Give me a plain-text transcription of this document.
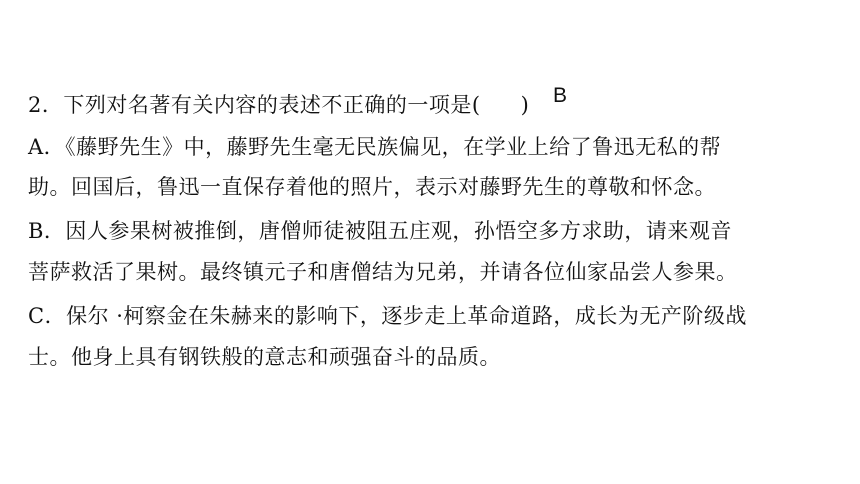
2．下列对名著有关内容的表述不正确的一项是( ) B
A．《藤野先生》中，藤野先生毫无民族偏见，在学业上给了鲁迅无私的帮
助。回国后，鲁迅一直保存着他的照片，表示对藤野先生的尊敬和怀念。
B．因人参果树被推倒，唐僧师徒被阻五庄观，孙悟空多方求助，请来观音
菩萨救活了果树。最终镇元子和唐僧结为兄弟，并请各位仙家品尝人参果。
C．保尔 ·柯察金在朱赫来的影响下，逐步走上革命道路，成长为无产阶级战
士。他身上具有钢铁般的意志和顽强奋斗的品质。
